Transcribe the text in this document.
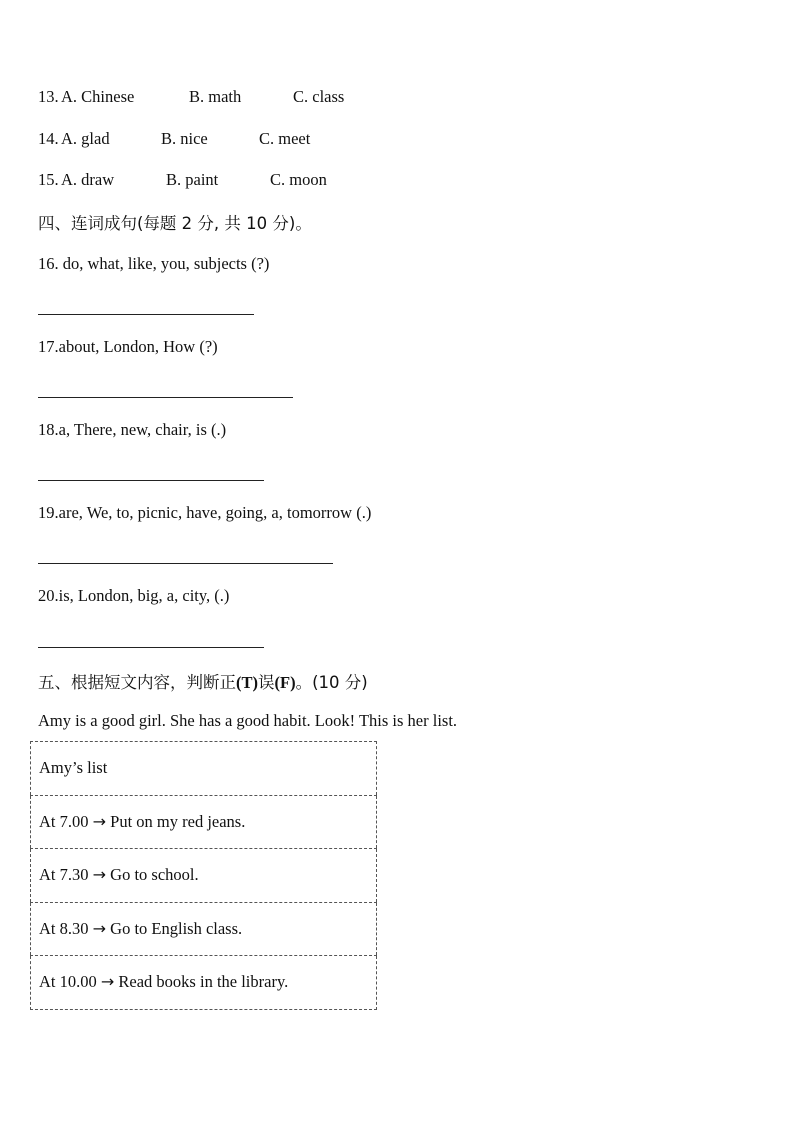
13. A. Chinese	B. math	C. class
14. A. glad	B. nice	C. meet
15. A. draw	B. paint	C. moon
四、连词成句(每题 2 分, 共 10 分)。
16. do, what, like, you, subjects (?)
17.about, London, How (?)
18.a, There, new, chair, is (.)
19.are, We, to, picnic, have, going, a, tomorrow (.)
20.is, London, big, a, city, (.)
五、根据短文内容，判断正(T)误(F)。(10 分)
Amy is a good girl. She has a good habit. Look! This is her list.
Amy’s list
At 7.00 → Put on my red jeans.
At 7.30 → Go to school.
At 8.30 → Go to English class.
At 10.00 → Read books in the library.
